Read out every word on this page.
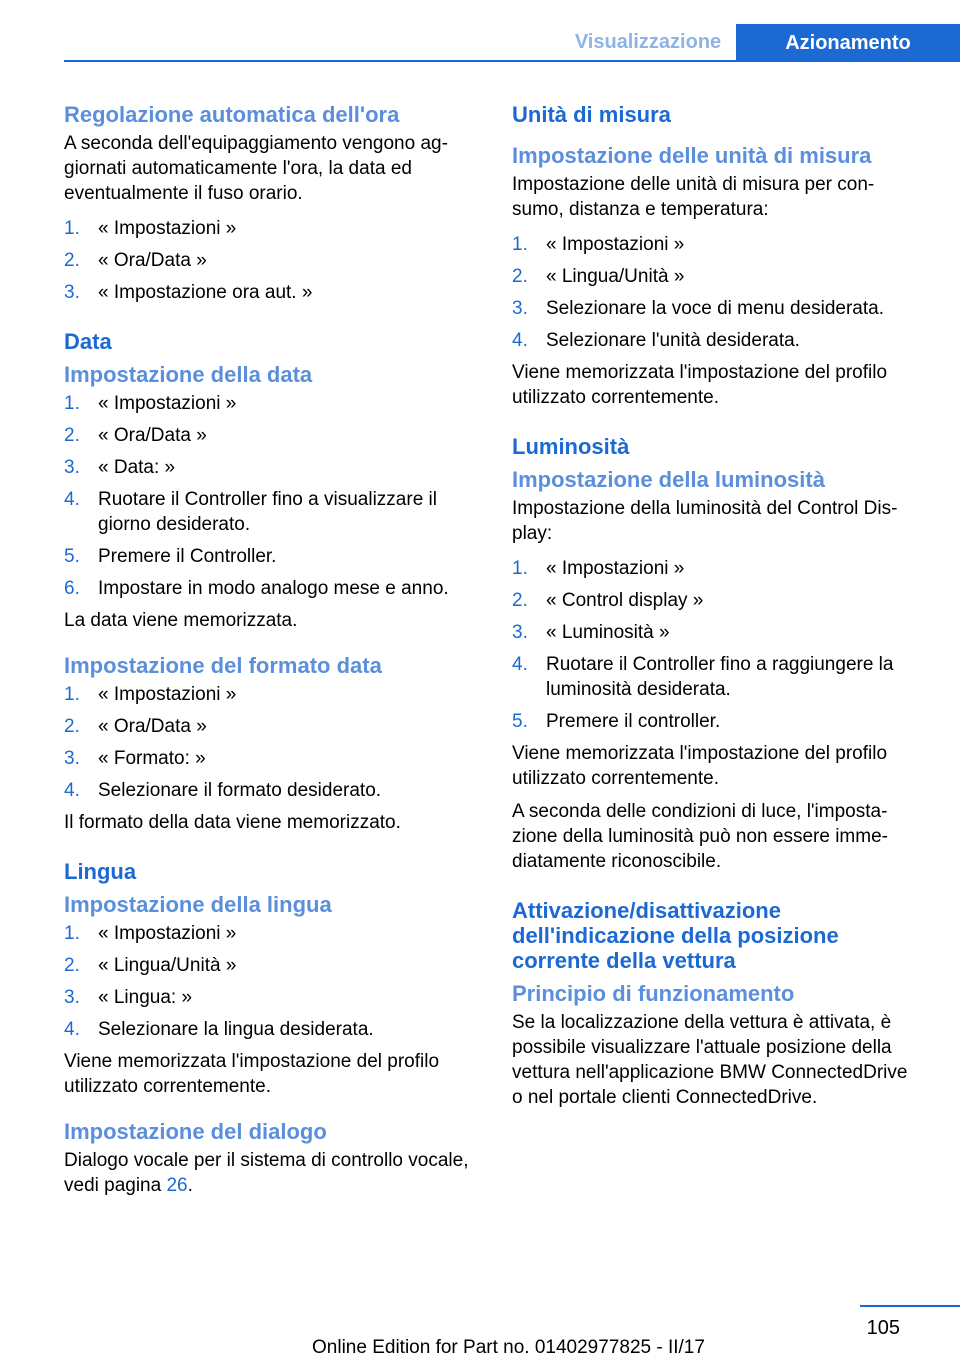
Visualizzazione	Azionamento
Regolazione automatica dell'ora

A seconda dell'equipaggiamento vengono aggiornati automaticamente l'ora, la data ed eventualmente il fuso orario.

1. « Impostazioni »
2. « Ora/Data »
3. « Impostazione ora aut. »
Data
Impostazione della data
1. « Impostazioni »
2. « Ora/Data »
3. « Data: »
4. Ruotare il Controller fino a visualizzare il giorno desiderato.
5. Premere il Controller.
6. Impostare in modo analogo mese e anno.

La data viene memorizzata.

Impostazione del formato data
1. « Impostazioni »
2. « Ora/Data »
3. « Formato: »
4. Selezionare il formato desiderato.

Il formato della data viene memorizzato.

Lingua
Impostazione della lingua
1. « Impostazioni »
2. « Lingua/Unità »
3. « Lingua: »
4. Selezionare la lingua desiderata.

Viene memorizzata l'impostazione del profilo utilizzato correntemente.

Impostazione del dialogo

Dialogo vocale per il sistema di controllo vocale, vedi pagina 26.

Unità di misura
Impostazione delle unità di misura

Impostazione delle unità di misura per consumo, distanza e temperatura:

1. « Impostazioni »
2. « Lingua/Unità »
3. Selezionare la voce di menu desiderata.
4. Selezionare l'unità desiderata.

Viene memorizzata l'impostazione del profilo utilizzato correntemente.

Luminosità
Impostazione della luminosità

Impostazione della luminosità del Control Display:

1. « Impostazioni »
2. « Control display »
3. « Luminosità »
4. Ruotare il Controller fino a raggiungere la luminosità desiderata.
5. Premere il controller.

Viene memorizzata l'impostazione del profilo utilizzato correntemente.

A seconda delle condizioni di luce, l'impostazione della luminosità può non essere immediatamente riconoscibile.

Attivazione/disattivazione dell'indicazione della posizione corrente della vettura
Principio di funzionamento

Se la localizzazione della vettura è attivata, è possibile visualizzare l'attuale posizione della vettura nell'applicazione BMW ConnectedDrive o nel portale clienti ConnectedDrive.

105
Online Edition for Part no. 01402977825 - II/17
